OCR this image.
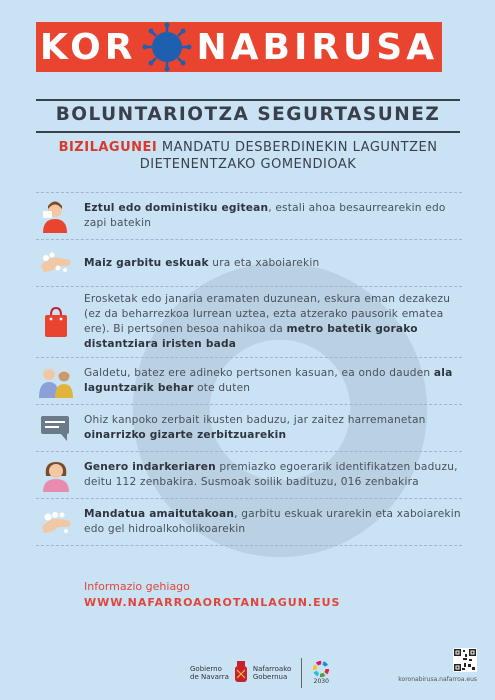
KOR NABIRUSA
BOLUNTARIOTZA SEGURTASUNEZ
BIZILAGUNEI MANDATU DESBERDINEKIN LAGUNTZEN
DIETENENTZAKO GOMENDIOAK
Eztul edo doministiku egitean, estali ahoa besaurrearekin edo zapi batekin
Maiz garbitu eskuak ura eta xaboiarekin
Erosketak edo janaria eramaten duzunean, eskura eman dezakezu (ez da beharrezkoa lurrean uztea, ezta atzerako pausorik ematea ere). Bi pertsonen besoa nahikoa da metro batetik gorako distantziara iristen bada
Galdetu, batez ere adineko pertsonen kasuan, ea ondo dauden ala laguntzarik behar ote duten
Ohiz kanpoko zerbait ikusten baduzu, jar zaitez harremanetan oinarrizko gizarte zerbitzuarekin
Genero indarkeriaren premiazko egoerarik identifikatzen baduzu, deitu 112 zenbakira. Susmoak soilik badituzu, 016 zenbakira
Mandatua amaitutakoan, garbitu eskuak urarekin eta xaboiarekin edo gel hidroalkoholikoarekin
Informazio gehiago
WWW.NAFARROAOROTANLAGUN.EUS
Gobierno
de Navarra
Nafarroako
Gobernua
2030	koronabirusa.nafarroa.eus
